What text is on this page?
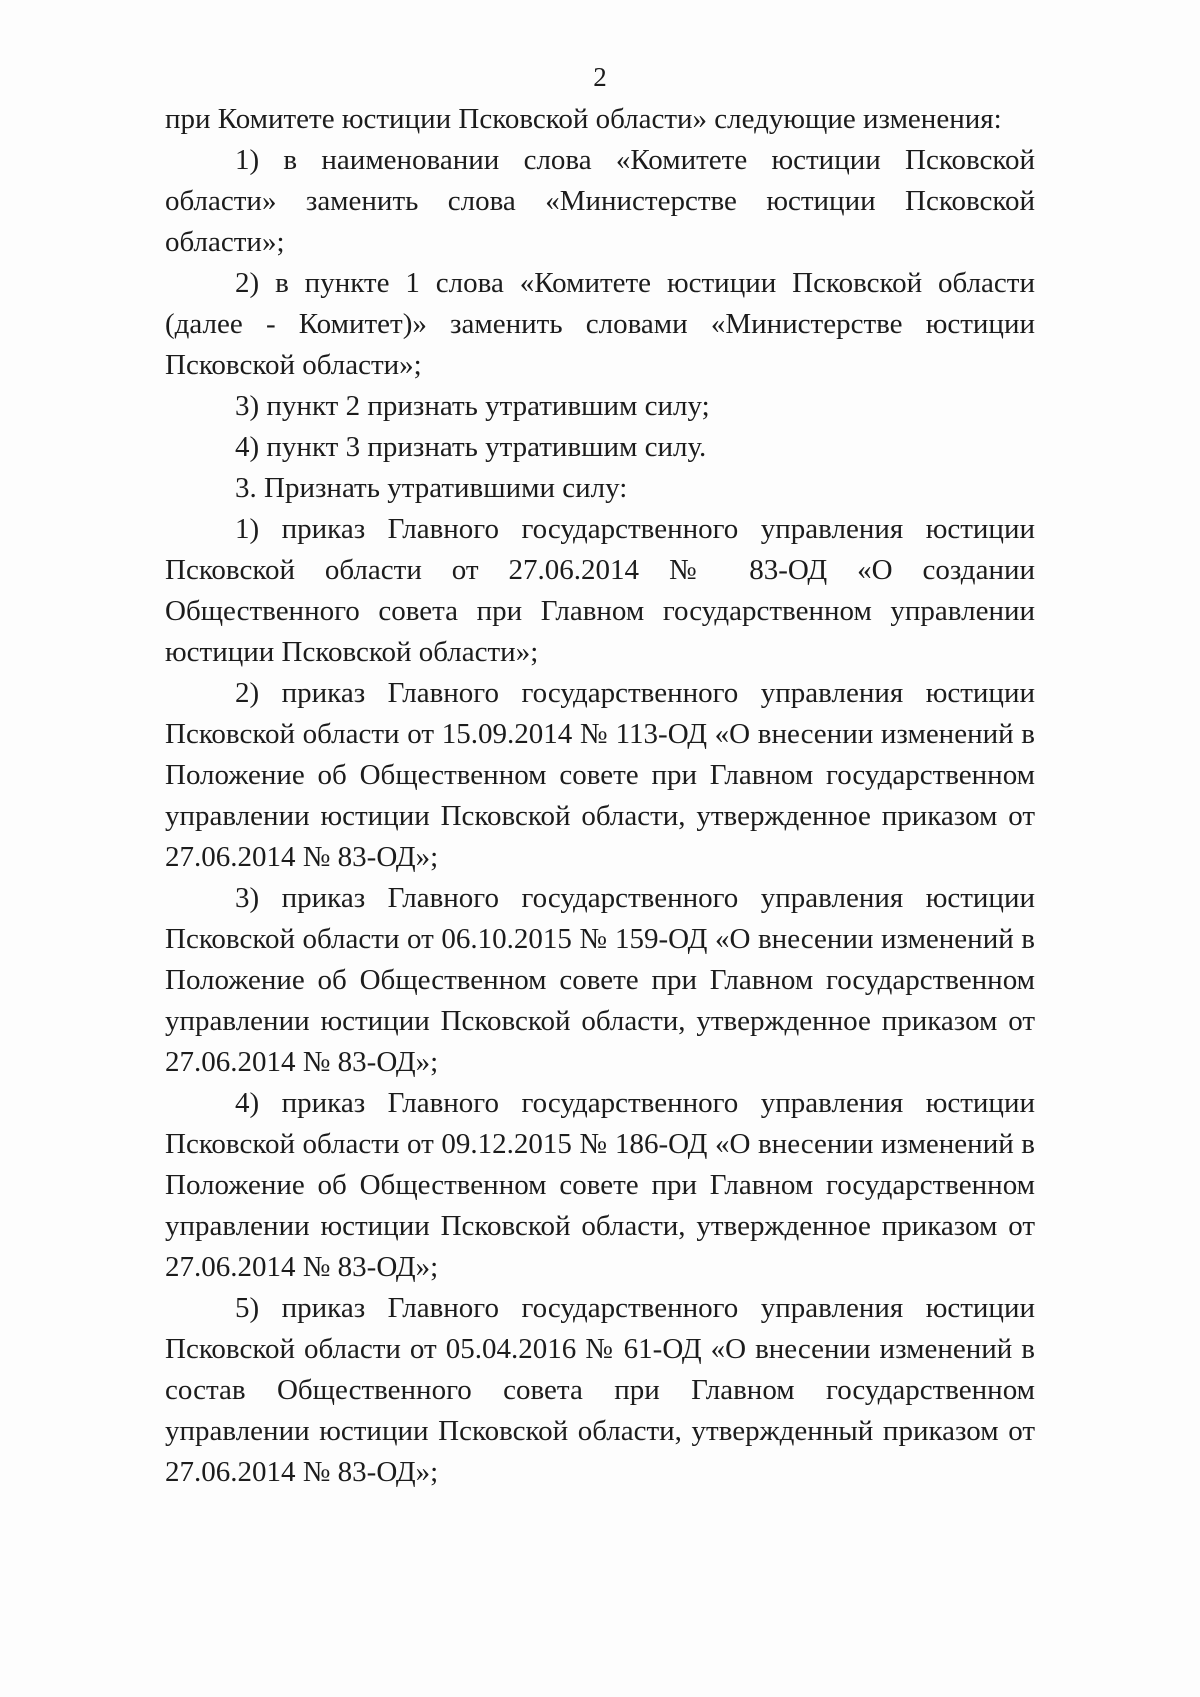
2

при Комитете юстиции Псковской области» следующие изменения:

1) в наименовании слова «Комитете юстиции Псковской области» заменить слова «Министерстве юстиции Псковской области»;

2) в пункте 1 слова «Комитете юстиции Псковской области (далее - Комитет)» заменить словами «Министерстве юстиции Псковской области»;

3) пункт 2 признать утратившим силу;

4) пункт 3 признать утратившим силу.

3. Признать утратившими силу:

1) приказ Главного государственного управления юстиции Псковской области от 27.06.2014 № 83-ОД «О создании Общественного совета при Главном государственном управлении юстиции Псковской области»;

2) приказ Главного государственного управления юстиции Псковской области от 15.09.2014 № 113-ОД «О внесении изменений в Положение об Общественном совете при Главном государственном управлении юстиции Псковской области, утвержденное приказом от 27.06.2014 № 83-ОД»;

3) приказ Главного государственного управления юстиции Псковской области от 06.10.2015 № 159-ОД «О внесении изменений в Положение об Общественном совете при Главном государственном управлении юстиции Псковской области, утвержденное приказом от 27.06.2014 № 83-ОД»;

4) приказ Главного государственного управления юстиции Псковской области от 09.12.2015 № 186-ОД «О внесении изменений в Положение об Общественном совете при Главном государственном управлении юстиции Псковской области, утвержденное приказом от 27.06.2014 № 83-ОД»;

5) приказ Главного государственного управления юстиции Псковской области от 05.04.2016 № 61-ОД «О внесении изменений в состав Общественного совета при Главном государственном управлении юстиции Псковской области, утвержденный приказом от 27.06.2014 № 83-ОД»;
